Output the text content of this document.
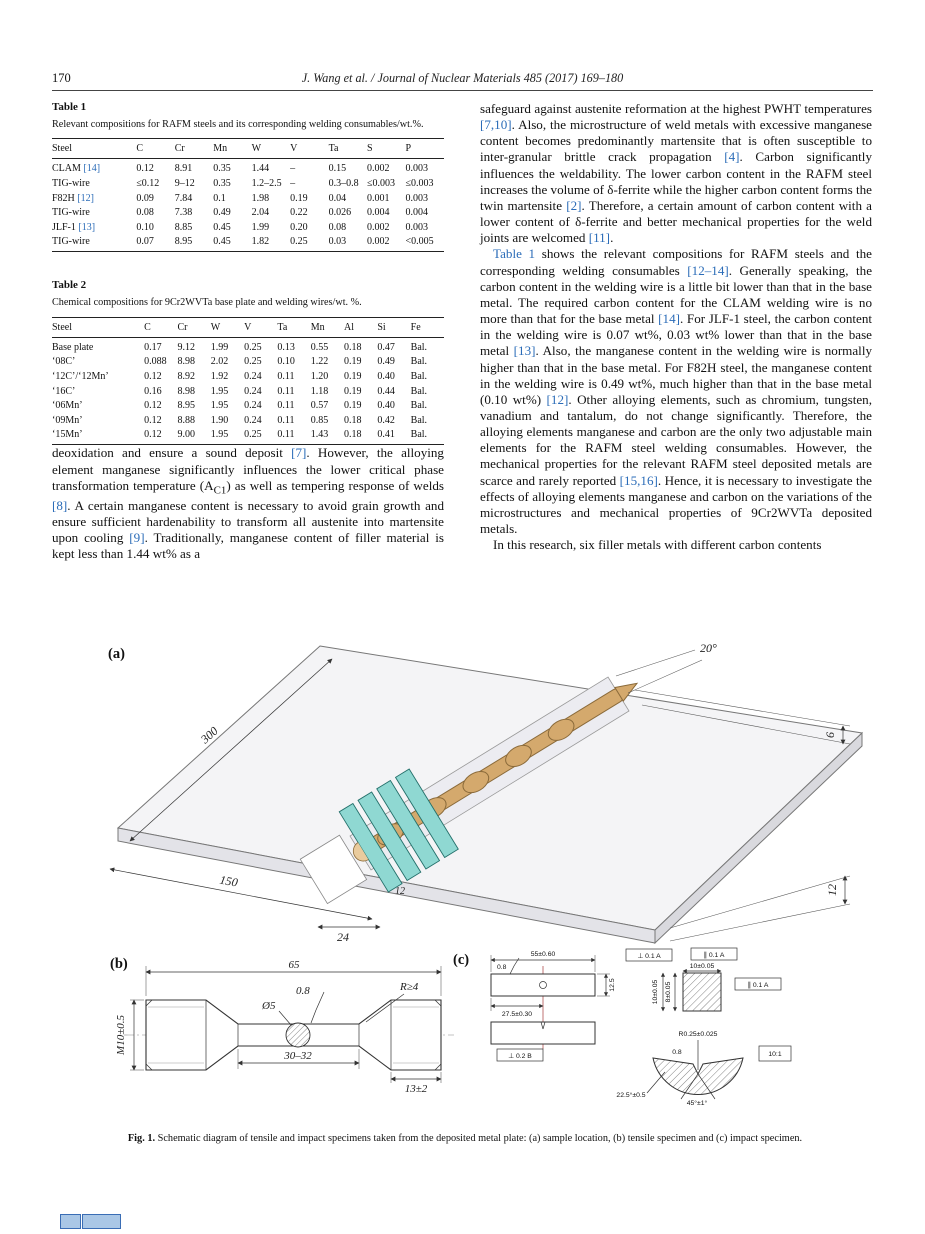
170	J. Wang et al. / Journal of Nuclear Materials 485 (2017) 169–180
Table 1
Relevant compositions for RAFM steels and its corresponding welding consumables/wt.%.
Steel	C	Cr	Mn	W	V	Ta	S	P
CLAM [14]	0.12	8.91	0.35	1.44	–	0.15	0.002	0.003
TIG-wire	≤0.12	9–12	0.35	1.2–2.5	–	0.3–0.8	≤0.003	≤0.003
F82H [12]	0.09	7.84	0.1	1.98	0.19	0.04	0.001	0.003
TIG-wire	0.08	7.38	0.49	2.04	0.22	0.026	0.004	0.004
JLF-1 [13]	0.10	8.85	0.45	1.99	0.20	0.08	0.002	0.003
TIG-wire	0.07	8.95	0.45	1.82	0.25	0.03	0.002	<0.005
Table 2
Chemical compositions for 9Cr2WVTa base plate and welding wires/wt. %.
Steel	C	Cr	W	V	Ta	Mn	Al	Si	Fe
Base plate	0.17	9.12	1.99	0.25	0.13	0.55	0.18	0.47	Bal.
‘08C’	0.088	8.98	2.02	0.25	0.10	1.22	0.19	0.49	Bal.
‘12C’/‘12Mn’	0.12	8.92	1.92	0.24	0.11	1.20	0.19	0.40	Bal.
‘16C’	0.16	8.98	1.95	0.24	0.11	1.18	0.19	0.44	Bal.
‘06Mn’	0.12	8.95	1.95	0.24	0.11	0.57	0.19	0.40	Bal.
‘09Mn’	0.12	8.88	1.90	0.24	0.11	0.85	0.18	0.42	Bal.
‘15Mn’	0.12	9.00	1.95	0.25	0.11	1.43	0.18	0.41	Bal.

deoxidation and ensure a sound deposit [7]. However, the alloying element manganese significantly influences the lower critical phase transformation temperature $(A_{C1})$ as well as tempering response of welds [8]. A certain manganese content is necessary to avoid grain growth and ensure sufficient hardenability to transform all austenite into martensite upon cooling [9]. Traditionally, manganese content of filler material is kept less than 1.44 wt% as a

safeguard against austenite reformation at the highest PWHT temperatures [7,10]. Also, the microstructure of weld metals with excessive manganese content becomes predominantly martensite that is often susceptible to inter-granular brittle crack propagation [4]. Carbon significantly influences the weldability. The lower carbon content in the RAFM steel increases the volume of δ-ferrite while the higher carbon content forms the twin martensite [2]. Therefore, a certain amount of carbon content with a lower content of δ-ferrite and better mechanical properties for the weld joints are welcomed [11].

Table 1 shows the relevant compositions for RAFM steels and the corresponding welding consumables [12–14]. Generally speaking, the carbon content in the welding wire is a little bit lower than that in the base metal. The required carbon content for the CLAM welding wire is no more than that for the base metal [14]. For JLF-1 steel, the carbon content in the welding wire is 0.07 wt%, 0.03 wt% lower than that in the base metal [13]. Also, the manganese content in the welding wire is normally higher than that in the base metal. For F82H steel, the manganese content in the welding wire is 0.49 wt%, much higher than that in the base metal (0.10 wt%) [12]. Other alloying elements, such as chromium, tungsten, vanadium and tantalum, do not change significantly. Therefore, the alloying elements manganese and carbon are the only two adjustable main elements for the RAFM steel welding consumables. However, the mechanical properties for the relevant RAFM steel deposited metals are scarce and rarely reported [15,16]. Hence, it is necessary to investigate the effects of alloying elements manganese and carbon on the variations of the microstructures and mechanical properties of 9Cr2WVTa deposited metals.

In this research, six filler metals with different carbon contents

300
150
24
12
6
20°
12
(a)
Ø5
0.8	R≥4
65
30–32
13±2
M10±0.5
(b)	0.8
55±0.60
27.5±0.30
12.5
⊥ 0.1 A	∥ 0.1 A
10±0.05
10±0.05 8±0.05	∥ 0.1 A
⊥ 0.2 B
R0.25±0.025
0.8
22.5°±0.5
45°±1°
10:1
(c)
Fig. 1. Schematic diagram of tensile and impact specimens taken from the deposited metal plate: (a) sample location, (b) tensile specimen and (c) impact specimen.
